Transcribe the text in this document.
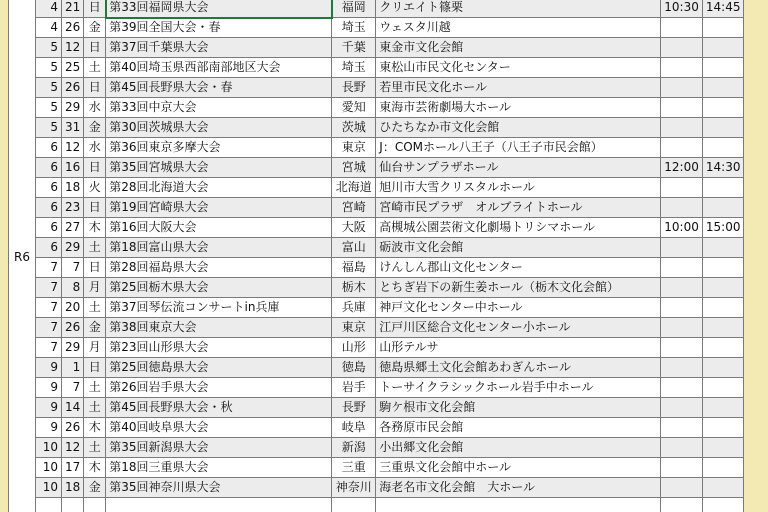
R6	4	21	日	第33回福岡県大会	福岡	クリエイト篠栗	10:30	14:45
	4	26	金	第39回全国大会・春	埼玉	ウェスタ川越		
	5	12	日	第37回千葉県大会	千葉	東金市文化会館		
	5	25	土	第40回埼玉県西部南部地区大会	埼玉	東松山市民文化センター		
	5	26	日	第45回長野県大会・春	長野	若里市民文化ホール		
	5	29	水	第33回中京大会	愛知	東海市芸術劇場大ホール		
	5	31	金	第30回茨城県大会	茨城	ひたちなか市文化会館		
	6	12	水	第36回東京多摩大会	東京	J：COMホール八王子（八王子市民会館）		
	6	16	日	第35回宮城県大会	宮城	仙台サンプラザホール	12:00	14:30
	6	18	火	第28回北海道大会	北海道	旭川市大雪クリスタルホール		
	6	23	日	第19回宮崎県大会	宮崎	宮崎市民プラザ　オルブライトホール		
	6	27	木	第16回大阪大会	大阪	高槻城公園芸術文化劇場トリシマホール	10:00	15:00
	6	29	土	第18回富山県大会	富山	砺波市文化会館		
	7	7	日	第28回福島県大会	福島	けんしん郡山文化センター		
	7	8	月	第25回栃木県大会	栃木	とちぎ岩下の新生姜ホール（栃木文化会館）		
	7	20	土	第37回琴伝流コンサートin兵庫	兵庫	神戸文化センター中ホール		
	7	26	金	第38回東京大会	東京	江戸川区総合文化センター小ホール		
	7	29	月	第23回山形県大会	山形	山形テルサ		
	9	1	日	第25回徳島県大会	徳島	徳島県郷土文化会館あわぎんホール		
	9	7	土	第26回岩手県大会	岩手	トーサイクラシックホール岩手中ホール		
	9	14	土	第45回長野県大会・秋	長野	駒ケ根市文化会館		
	9	26	木	第40回岐阜県大会	岐阜	各務原市民会館		
	10	12	土	第35回新潟県大会	新潟	小出郷文化会館		
	10	17	木	第18回三重県大会	三重	三重県文化会館中ホール		
	10	18	金	第35回神奈川県大会	神奈川	海老名市文化会館　大ホール		
